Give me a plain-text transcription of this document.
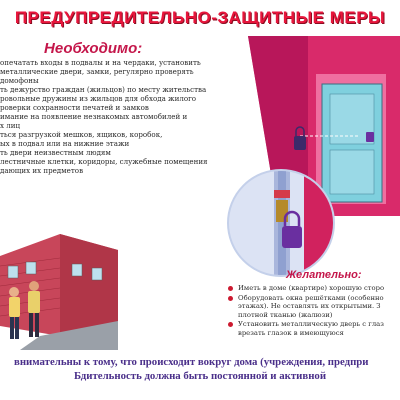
ПРЕДУПРЕДИТЕЛЬНО-ЗАЩИТНЫЕ МЕРЫ
Необходимо:
опечатать входы в подвалы и на чердаки, установить
металлические двери, замки, регулярно проверять
домофоны
ть дежурство граждан (жильцов) по месту жительства
ровольные дружины из жильцов для обхода жилого
роверки сохранности печатей и замков
имание на появление незнакомых автомобилей и
х лиц
ться разгрузкой мешков, ящиков, коробок,
ых в подвал или на нижние этажи
ть двери неизвестным людям
лестничные клетки, коридоры, служебные помещения
дающих их предметов
Желательно:
Иметь в доме (квартире) хорошую сторо
Оборудовать окна решётками (особенно
этажах). Не оставлять их открытыми. З
плотной тканью (жалюзи)
Установить металлическую дверь с глаз
врезать глазок в имеющуюся
внимательны к тому, что происходит вокруг дома (учреждения, предпри
Бдительность должна быть постоянной и активной
